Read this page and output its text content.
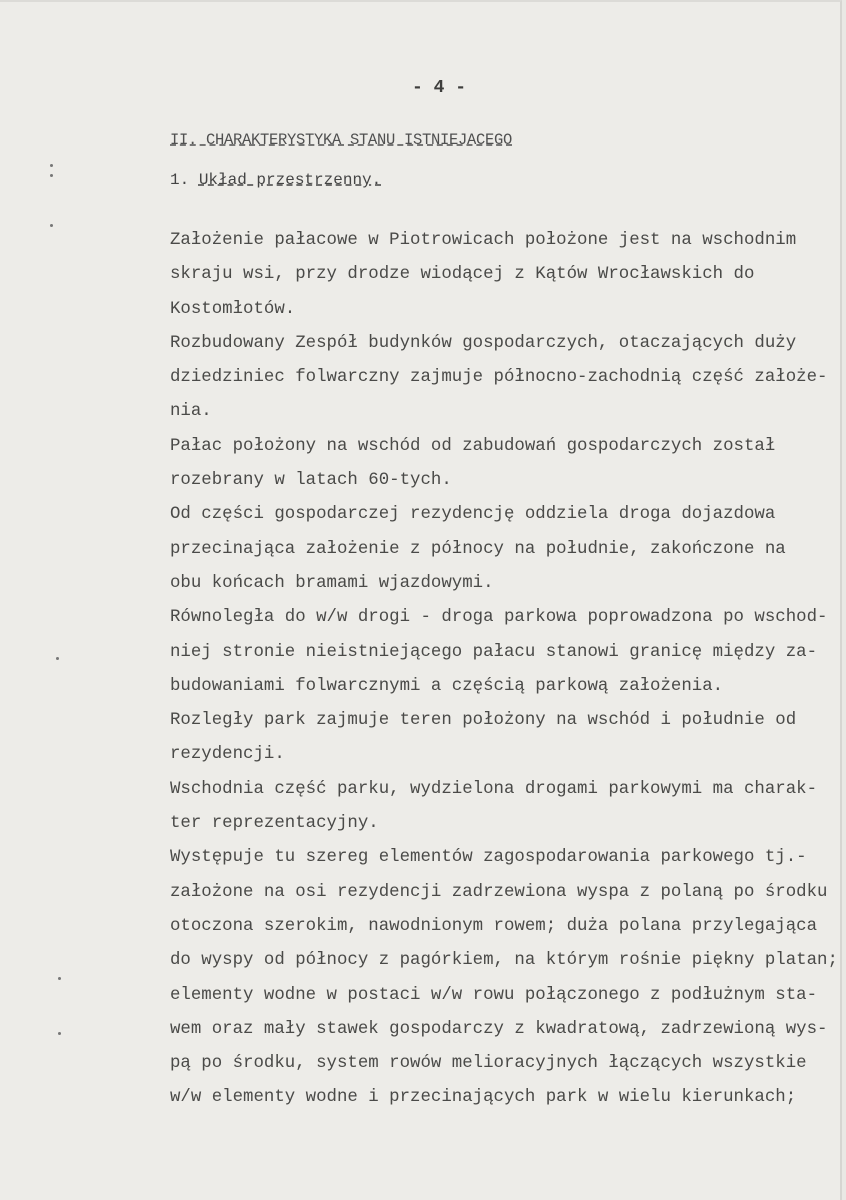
- 4 -
II. CHARAKTERYSTYKA STANU ISTNIEJACEGO
1. Układ przestrzenny.
Założenie pałacowe w Piotrowicach położone jest na wschodnim
skraju wsi, przy drodze wiodącej z Kątów Wrocławskich do
Kostomłotów.
Rozbudowany Zespół budynków gospodarczych, otaczających duży
dziedziniec folwarczny zajmuje północno-zachodnią część założe-
nia.
Pałac położony na wschód od zabudowań gospodarczych został
rozebrany w latach 60-tych.
Od części gospodarczej rezydencję oddziela droga dojazdowa
przecinająca założenie z północy na południe, zakończone na
obu końcach bramami wjazdowymi.
Równoległa do w/w drogi - droga parkowa poprowadzona po wschod-
niej stronie nieistniejącego pałacu stanowi granicę między za-
budowaniami folwarcznymi a częścią parkową założenia.
Rozległy park zajmuje teren położony na wschód i południe od
rezydencji.
Wschodnia część parku, wydzielona drogami parkowymi ma charak-
ter reprezentacyjny.
Występuje tu szereg elementów zagospodarowania parkowego tj.-
założone na osi rezydencji zadrzewiona wyspa z polaną po środku
otoczona szerokim, nawodnionym rowem; duża polana przylegająca
do wyspy od północy z pagórkiem, na którym rośnie piękny platan;
elementy wodne w postaci w/w rowu połączonego z podłużnym sta-
wem oraz mały stawek gospodarczy z kwadratową, zadrzewioną wys-
pą po środku, system rowów melioracyjnych łączących wszystkie
w/w elementy wodne i przecinających park w wielu kierunkach;
